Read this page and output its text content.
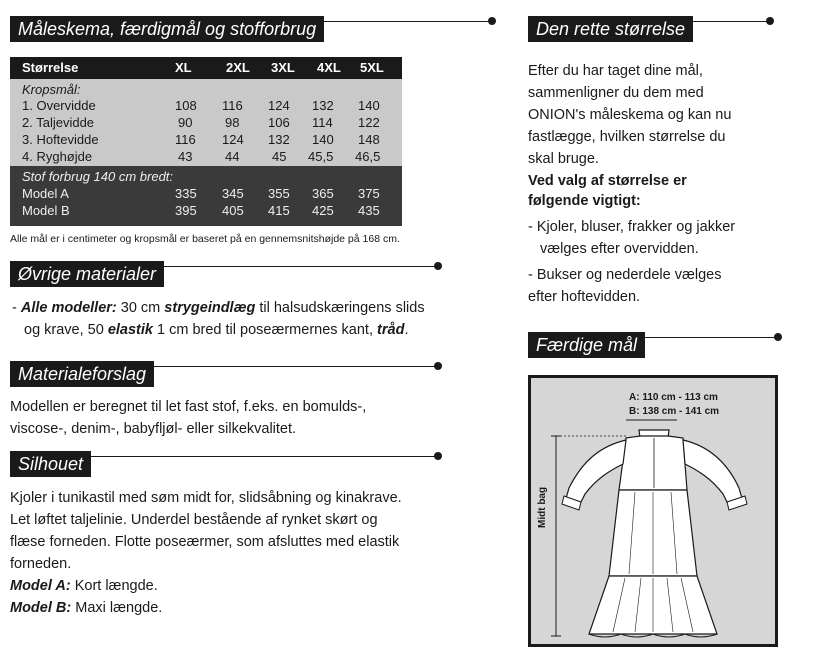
Måleskema, færdigmål og stofforbrug
Størrelse	XL	2XL 3XL 4XL 5XL
Kropsmål:
1. Overvidde	108 116 124 132 140
2. Taljevidde	90	98 106 114 122
3. Hoftevidde	116 124 132 140 148
4. Ryghøjde	43	44	45 45,5 46,5
Stof forbrug 140 cm bredt:
Model A	335 345 355 365 375
Model B	395 405 415 425 435
Alle mål er i centimeter og kropsmål er baseret på en gennemsnitshøjde på 168 cm.
Øvrige materialer
- Alle modeller: 30 cm strygeindlæg til halsudskæringens slids
og krave, 50 elastik 1 cm bred til poseærmernes kant, tråd.
Materialeforslag
Modellen er beregnet til let fast stof, f.eks. en bomulds-,
viscose-, denim-, babyfljøl- eller silkekvalitet.
Silhouet
Kjoler i tunikastil med søm midt for, slidsåbning og kinakrave.
Let løftet taljelinie. Underdel bestående af rynket skørt og
flæse forneden. Flotte poseærmer, som afsluttes med elastik
forneden.
Model A: Kort længde.
Model B: Maxi længde.
Den rette størrelse
Efter du har taget dine mål,
sammenligner du dem med
ONION's måleskema og kan nu
fastlægge, hvilken størrelse du
skal bruge.
Ved valg af størrelse er
følgende vigtigt:
- Kjoler, bluser, frakker og jakker
vælges efter overvidden.
- Bukser og nederdele vælges
efter hoftevidden.
Færdige mål
A: 110 cm - 113 cm
B: 138 cm - 141 cm
Midt bag
